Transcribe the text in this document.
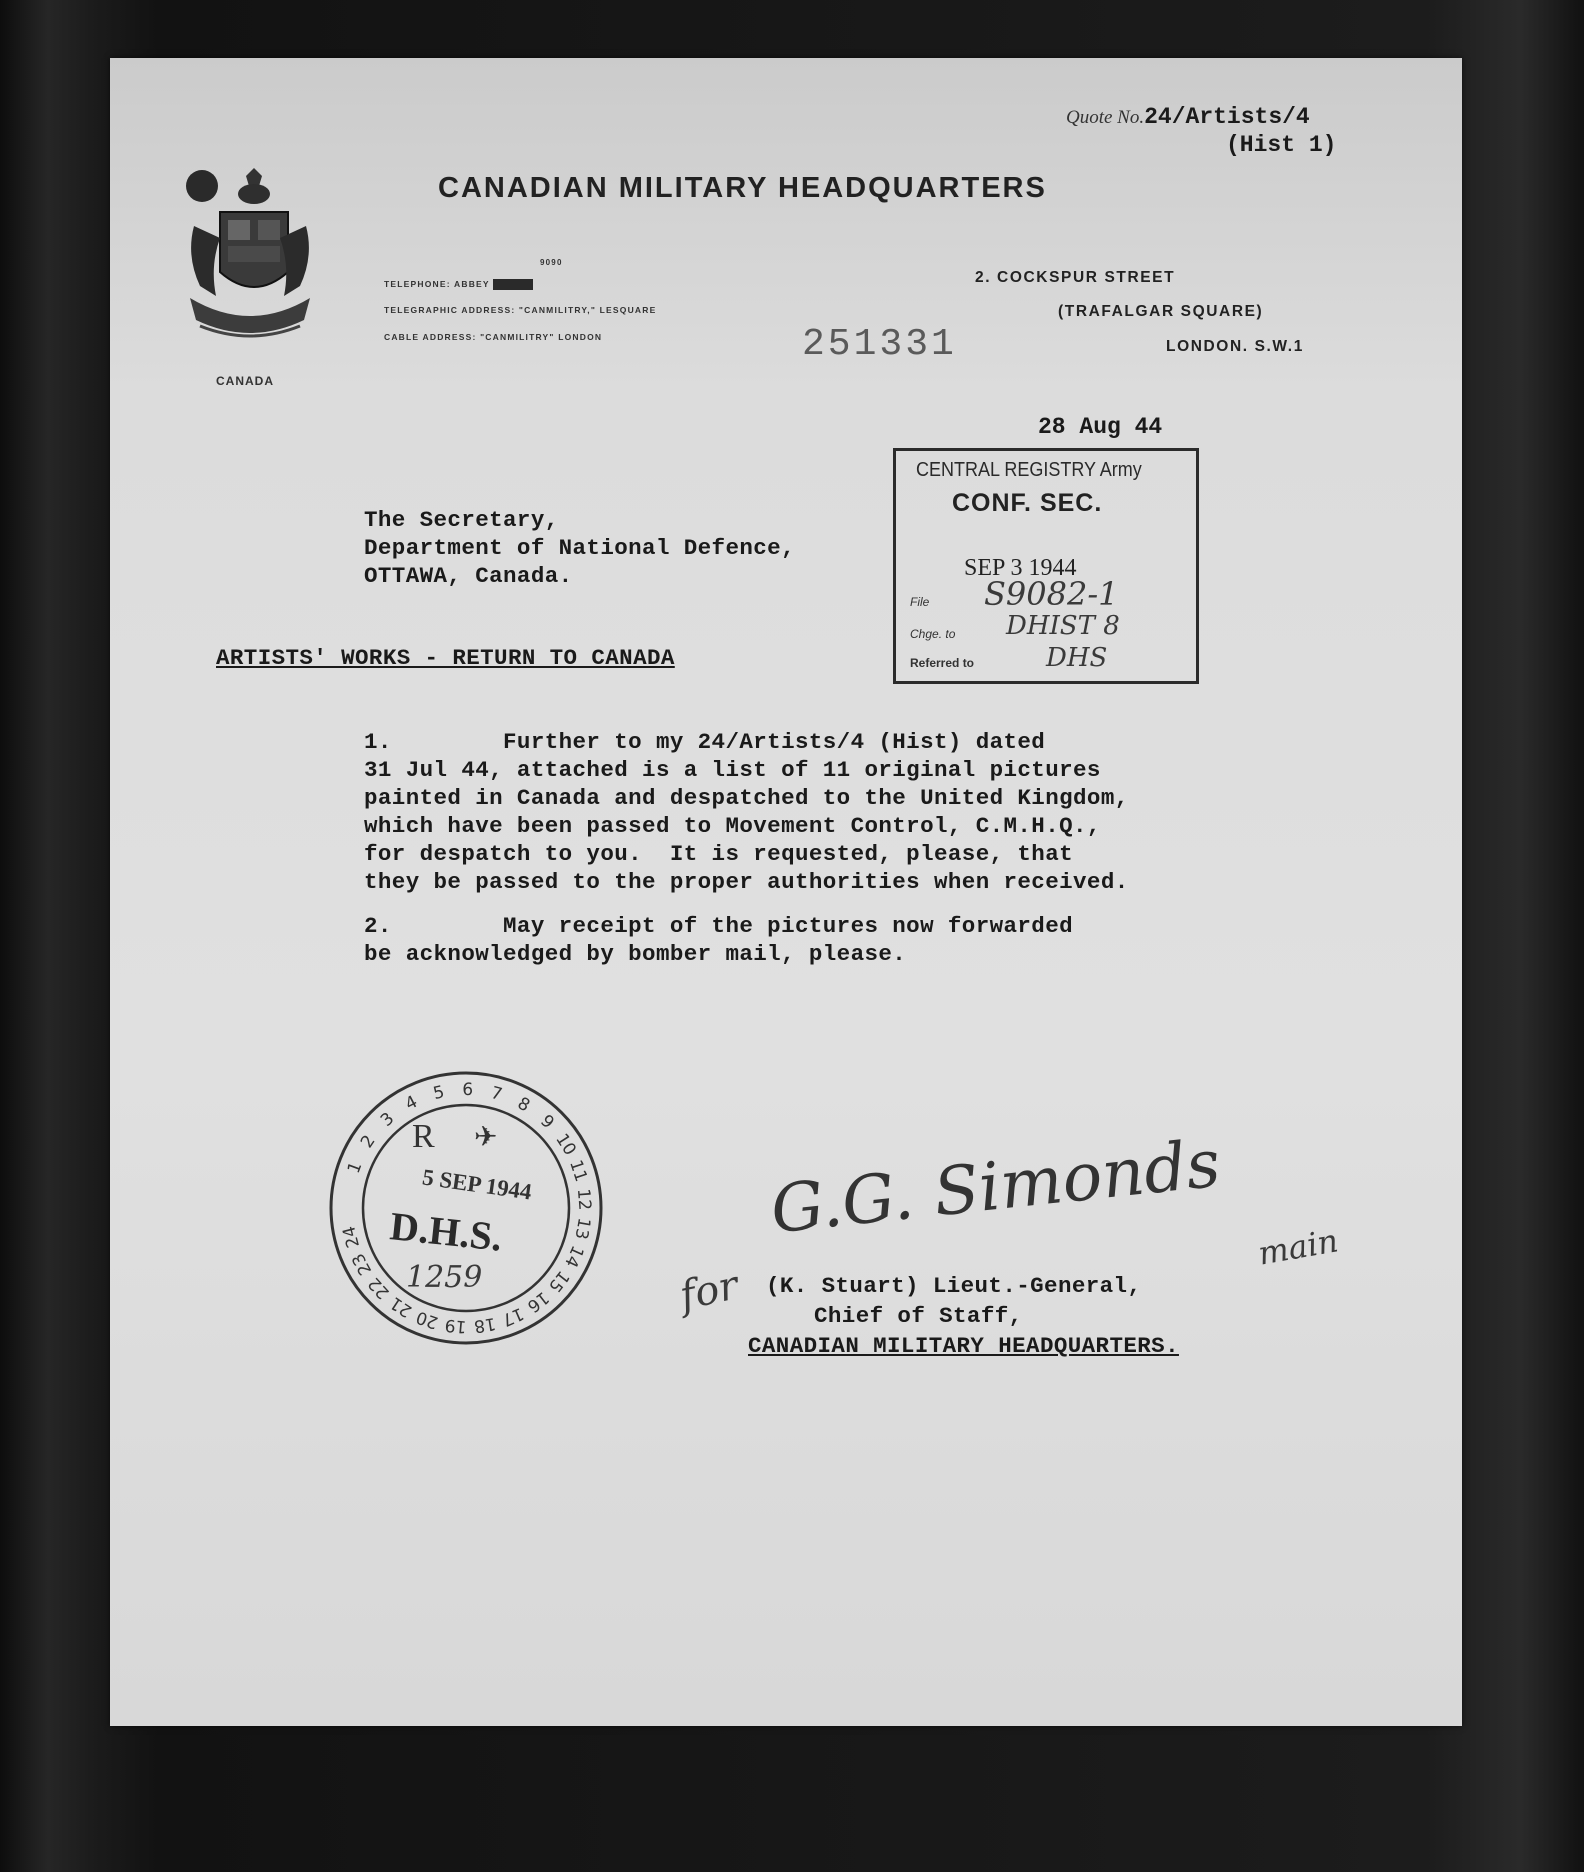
Quote No.24/Artists/4
(Hist 1)
CANADA
CANADIAN MILITARY HEADQUARTERS
9090
TELEPHONE: ABBEY
TELEGRAPHIC ADDRESS: "CANMILITRY," LESQUARE
CABLE ADDRESS: "CANMILITRY" LONDON
2. COCKSPUR STREET
(TRAFALGAR SQUARE)
LONDON. S.W.1
251331
28 Aug 44
CENTRAL REGISTRY Army
CONF. SEC.
SEP 3 1944
File S9082-1
Chge. to DHIST 8
Referred to	DHS
The Secretary,
Department of National Defence,
OTTAWA, Canada.
ARTISTS' WORKS - RETURN TO CANADA
1.        Further to my 24/Artists/4 (Hist) dated
31 Jul 44, attached is a list of 11 original pictures
painted in Canada and despatched to the United Kingdom,
which have been passed to Movement Control, C.M.H.Q.,
for despatch to you.  It is requested, please, that
they be passed to the proper authorities when received.
2.        May receipt of the pictures now forwarded
be acknowledged by bomber mail, please.
1
2
3
4 5 6 7 8
9
10
11
12
13
14
15
16
17
18
19
20
21
22
23
24
R ✈
5 SEP 1944
D.H.S.
1259
G.G. Simonds main
for (K. Stuart) Lieut.-General,
Chief of Staff,
CANADIAN MILITARY HEADQUARTERS.
